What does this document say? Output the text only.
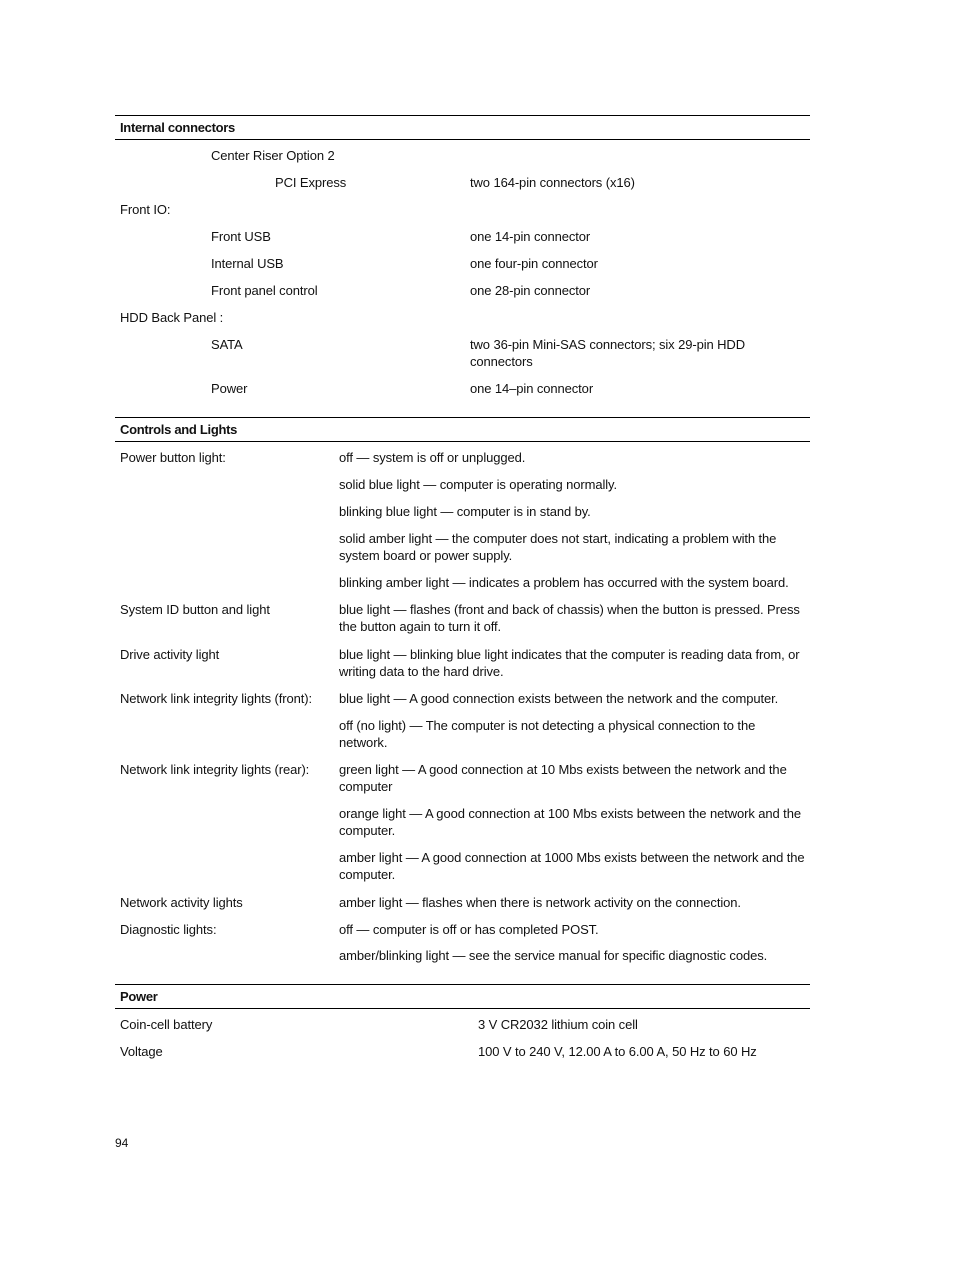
Internal connectors
Center Riser Option 2
PCI Express	two 164-pin connectors (x16)
Front IO:
Front USB	one 14-pin connector
Internal USB	one four-pin connector
Front panel control	one 28-pin connector
HDD Back Panel :
SATA	two 36-pin Mini-SAS connectors; six 29-pin HDD connectors
Power	one 14–pin connector
Controls and Lights
Power button light:	off — system is off or unplugged.
solid blue light — computer is operating normally.
blinking blue light — computer is in stand by.
solid amber light — the computer does not start, indicating a problem with the system board or power supply.
blinking amber light — indicates a problem has occurred with the system board.
System ID button and light	blue light — flashes (front and back of chassis) when the button is pressed. Press the button again to turn it off.
Drive activity light	blue light — blinking blue light indicates that the computer is reading data from, or writing data to the hard drive.
Network link integrity lights (front): blue light — A good connection exists between the network and the computer.
off (no light) — The computer is not detecting a physical connection to the network.
Network link integrity lights (rear): green light — A good connection at 10 Mbs exists between the network and the computer
orange light — A good connection at 100 Mbs exists between the network and the computer.
amber light — A good connection at 1000 Mbs exists between the network and the computer.
Network activity lights	amber light — flashes when there is network activity on the connection.
Diagnostic lights:	off — computer is off or has completed POST.
amber/blinking light — see the service manual for specific diagnostic codes.
Power
Coin-cell battery	3 V CR2032 lithium coin cell
Voltage	100 V to 240 V, 12.00 A to 6.00 A, 50 Hz to 60 Hz
94
